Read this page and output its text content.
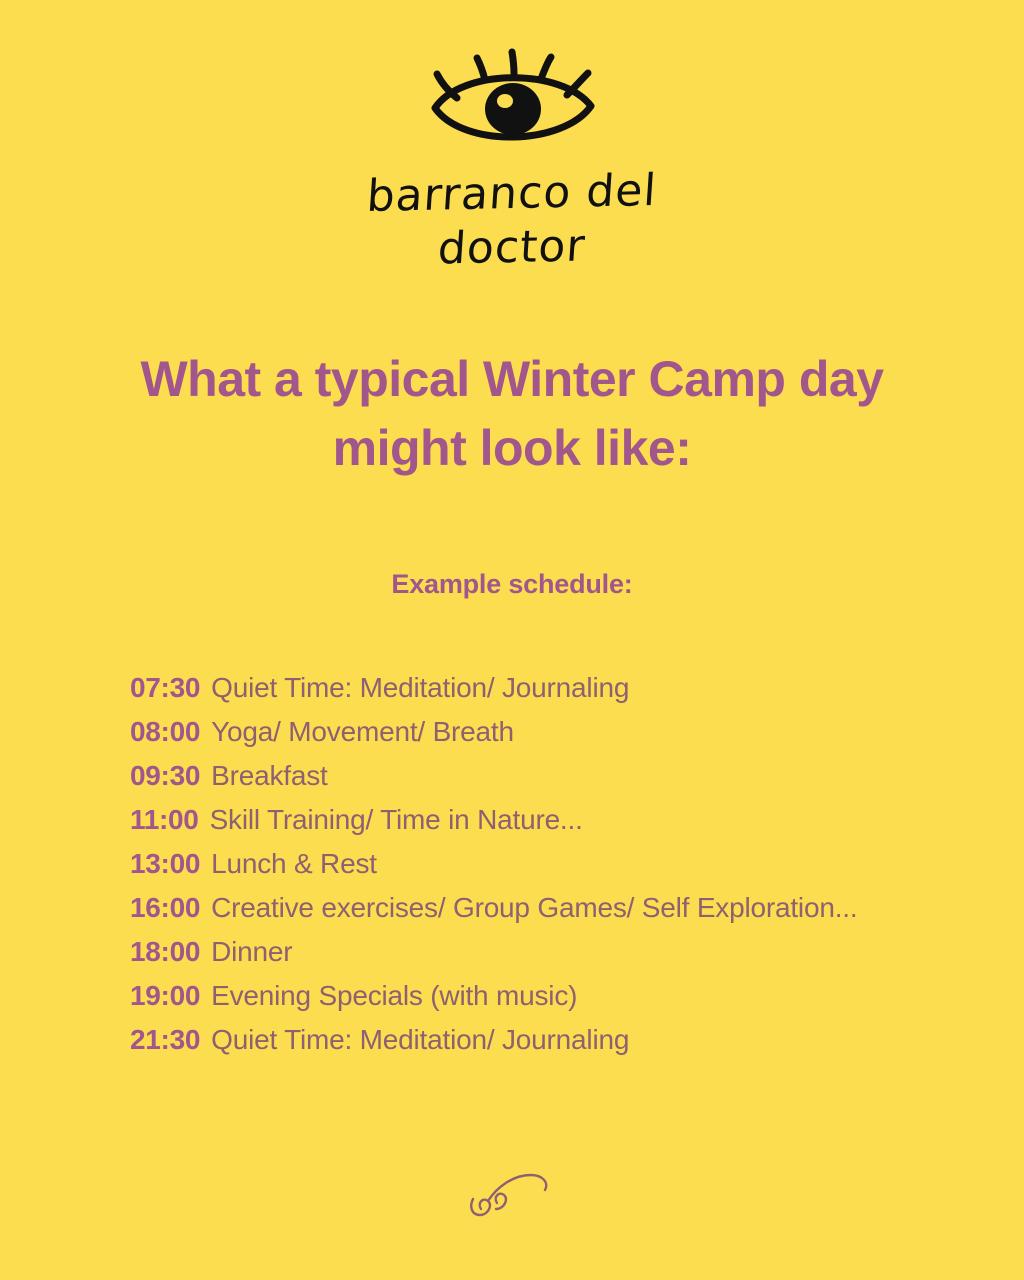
barranco del
doctor
What a typical Winter Camp day might look like:
Example schedule:
07:30 Quiet Time: Meditation/ Journaling
08:00 Yoga/ Movement/ Breath
09:30 Breakfast
11:00 Skill Training/ Time in Nature...
13:00 Lunch & Rest
16:00 Creative exercises/ Group Games/ Self Exploration...
18:00 Dinner
19:00 Evening Specials (with music)
21:30 Quiet Time: Meditation/ Journaling
